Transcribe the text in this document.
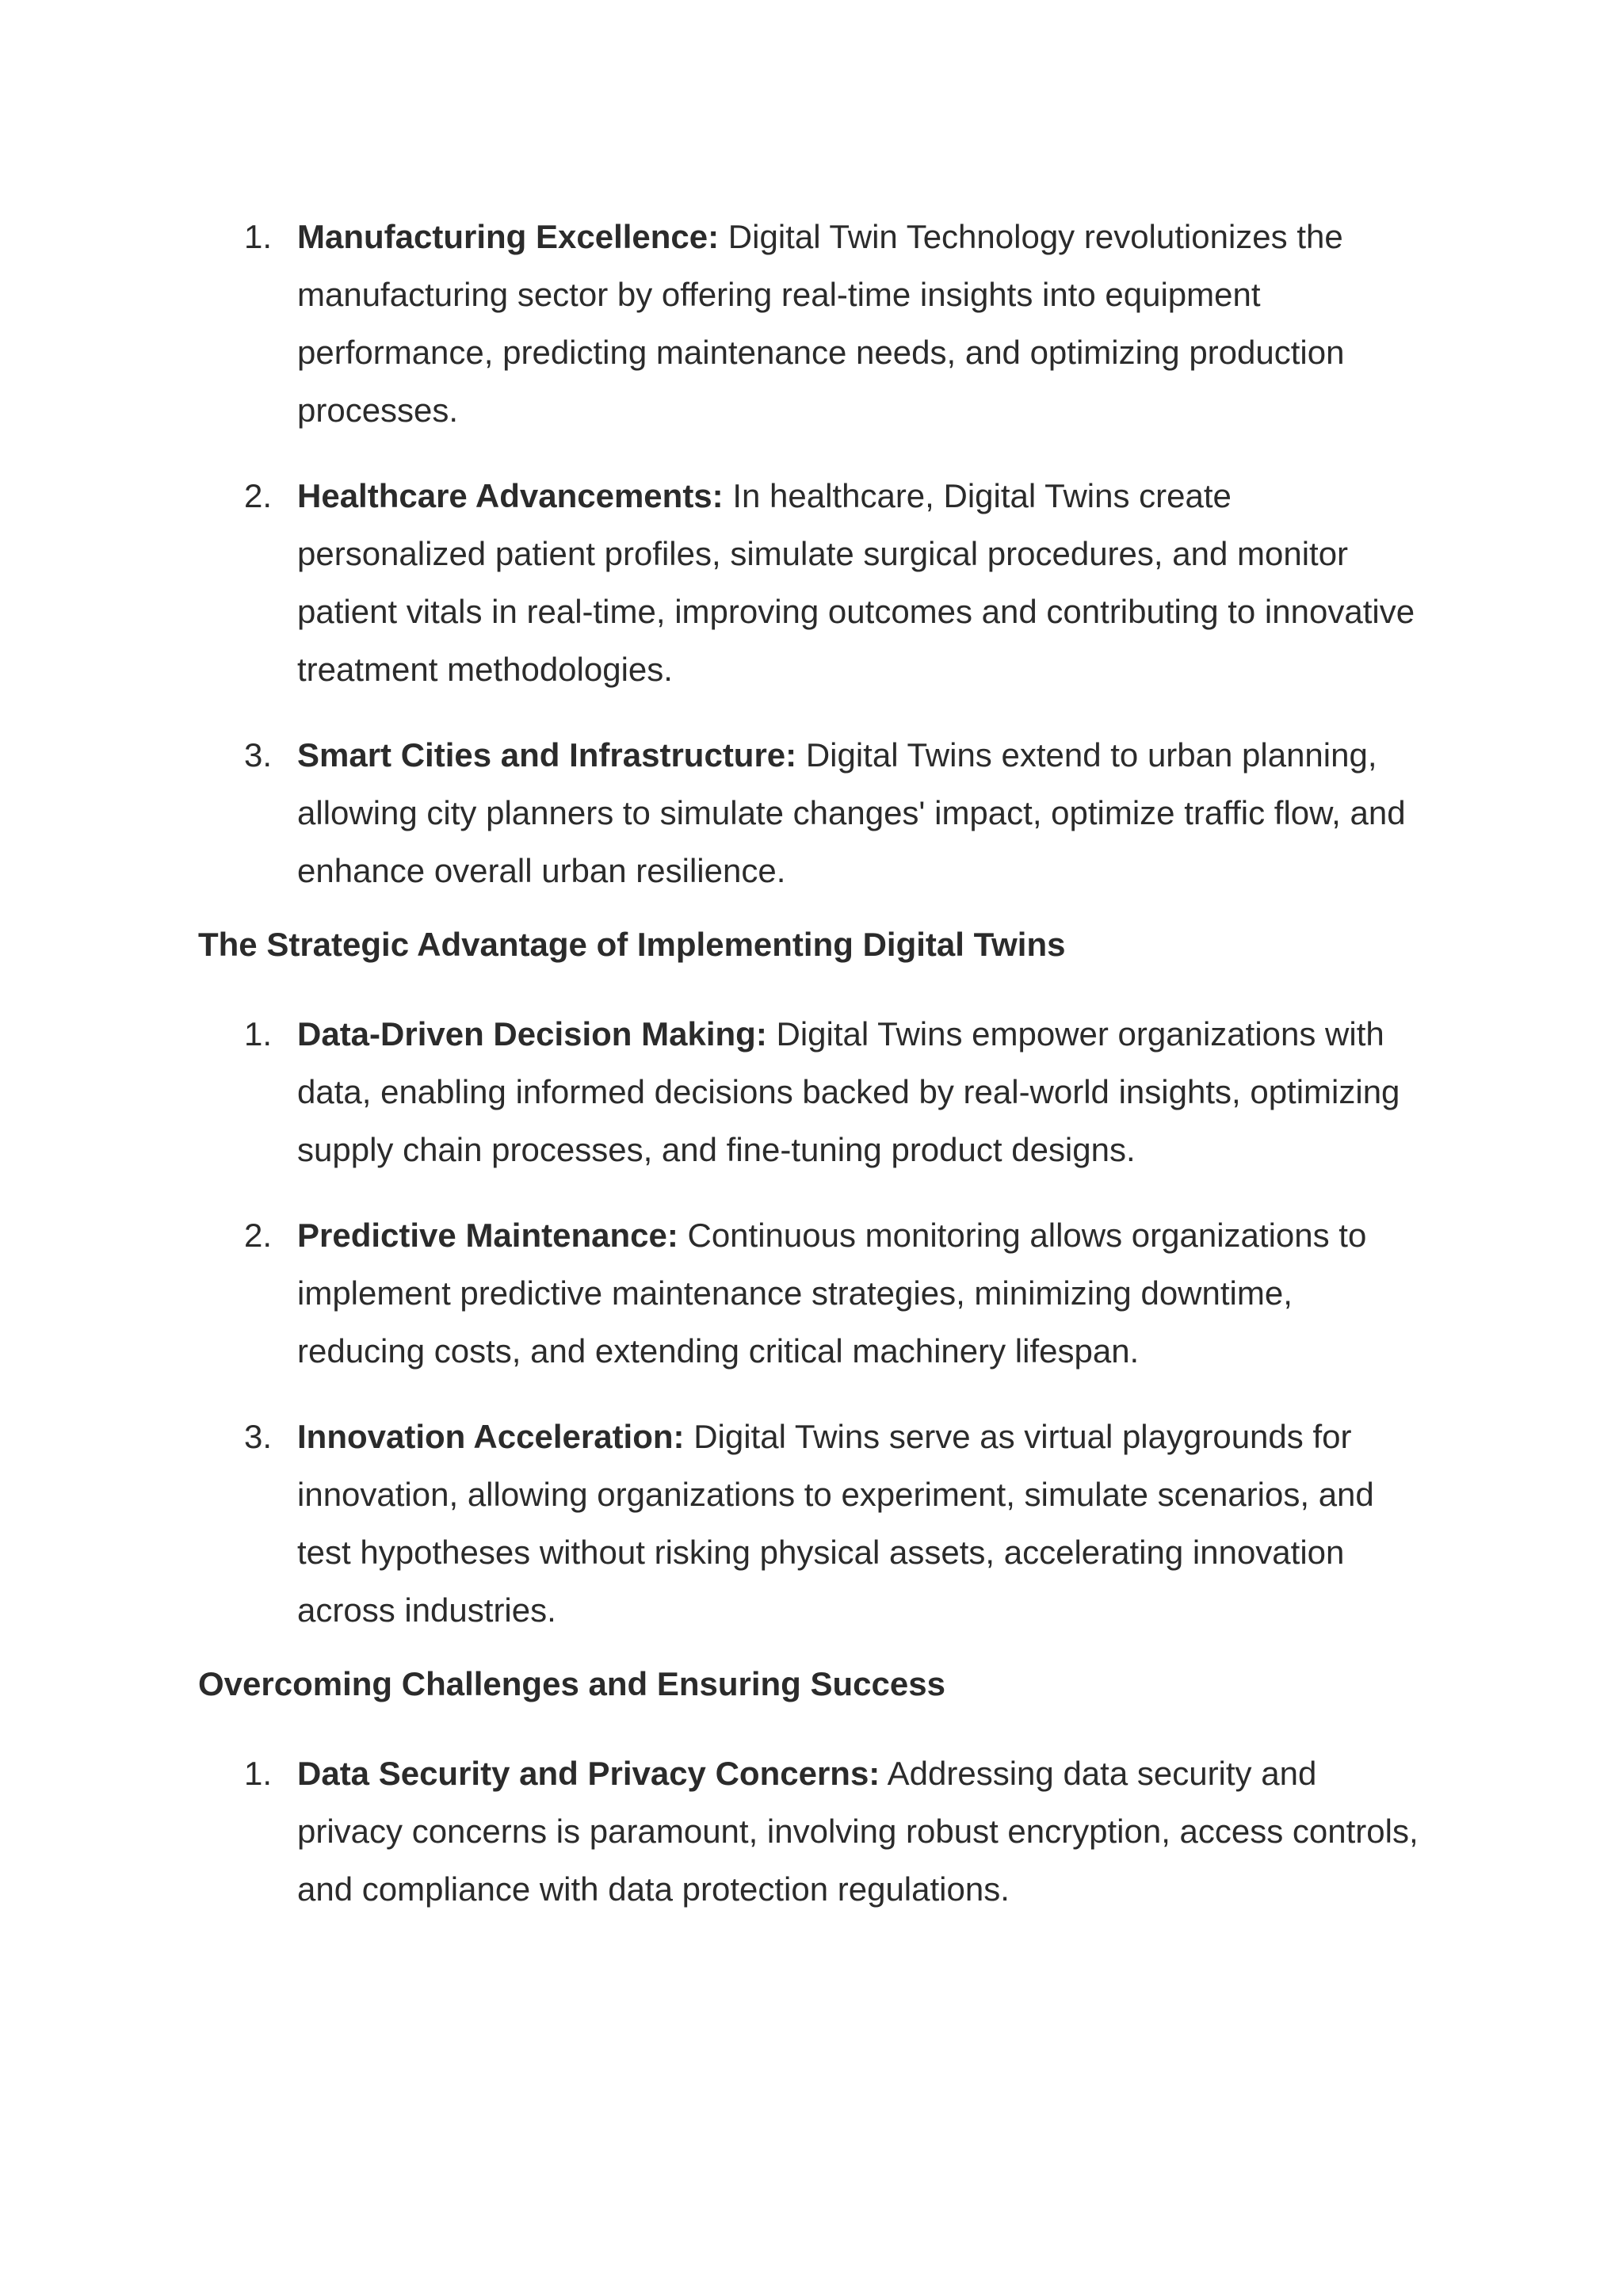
1. Manufacturing Excellence: Digital Twin Technology revolutionizes the manufacturing sector by offering real-time insights into equipment performance, predicting maintenance needs, and optimizing production processes.
2. Healthcare Advancements: In healthcare, Digital Twins create personalized patient profiles, simulate surgical procedures, and monitor patient vitals in real-time, improving outcomes and contributing to innovative treatment methodologies.
3. Smart Cities and Infrastructure: Digital Twins extend to urban planning, allowing city planners to simulate changes' impact, optimize traffic flow, and enhance overall urban resilience.
The Strategic Advantage of Implementing Digital Twins
1. Data-Driven Decision Making: Digital Twins empower organizations with data, enabling informed decisions backed by real-world insights, optimizing supply chain processes, and fine-tuning product designs.
2. Predictive Maintenance: Continuous monitoring allows organizations to implement predictive maintenance strategies, minimizing downtime, reducing costs, and extending critical machinery lifespan.
3. Innovation Acceleration: Digital Twins serve as virtual playgrounds for innovation, allowing organizations to experiment, simulate scenarios, and test hypotheses without risking physical assets, accelerating innovation across industries.
Overcoming Challenges and Ensuring Success
1. Data Security and Privacy Concerns: Addressing data security and privacy concerns is paramount, involving robust encryption, access controls, and compliance with data protection regulations.
